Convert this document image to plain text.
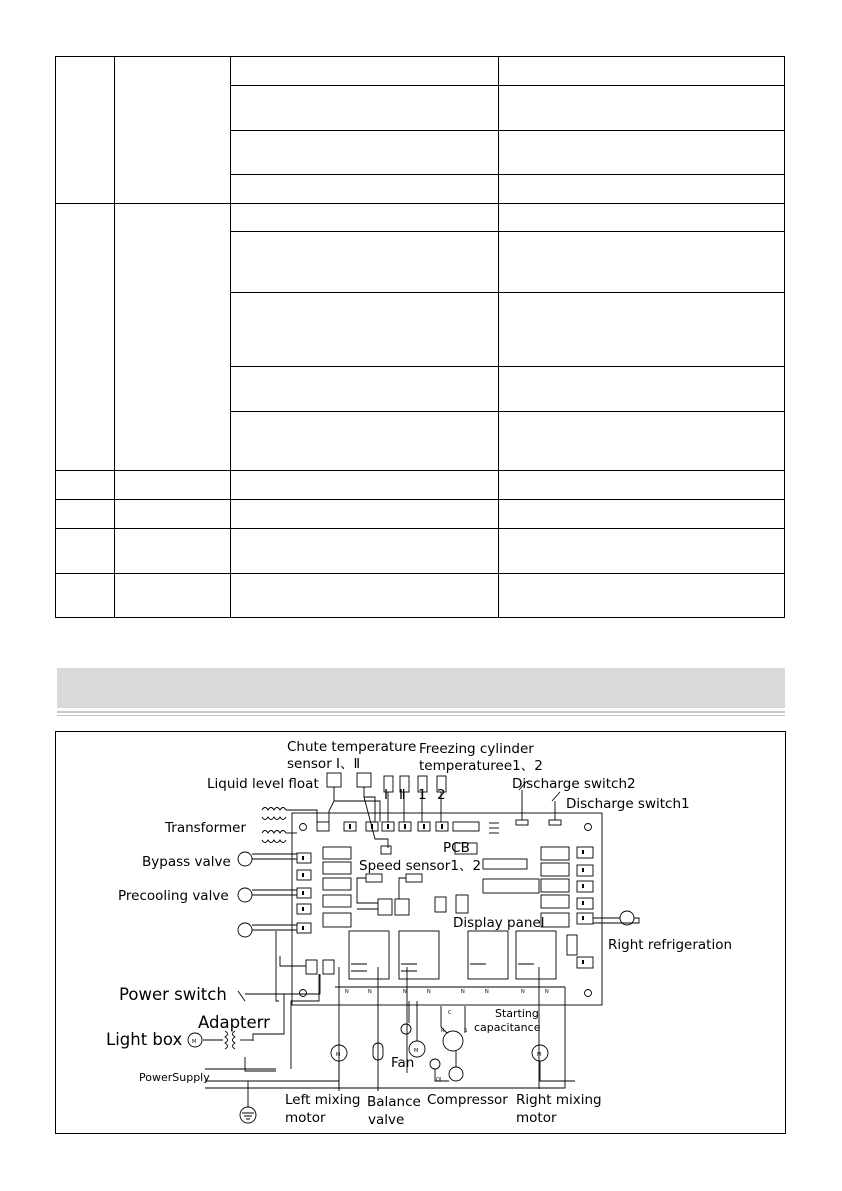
Ⅰ Ⅱ 1 2
N	N	N	N	N	N	N	N
M	M
M
M
OL
C
R	S
Chute temperature
sensor Ⅰ、Ⅱ
Freezing cylinder
temperaturee1、2
Liquid level float	Discharge switch2
Discharge switch1
Transformer
PCB
Bypass valve	Speed sensor1、2
Precooling valve
Display panel
Right refrigeration
Power switch
Adapterr
Light box
Starting
capacitance
Fan
PowerSupply
Left mixing
motor
Balance
valve
Compressor Right mixing
motor
